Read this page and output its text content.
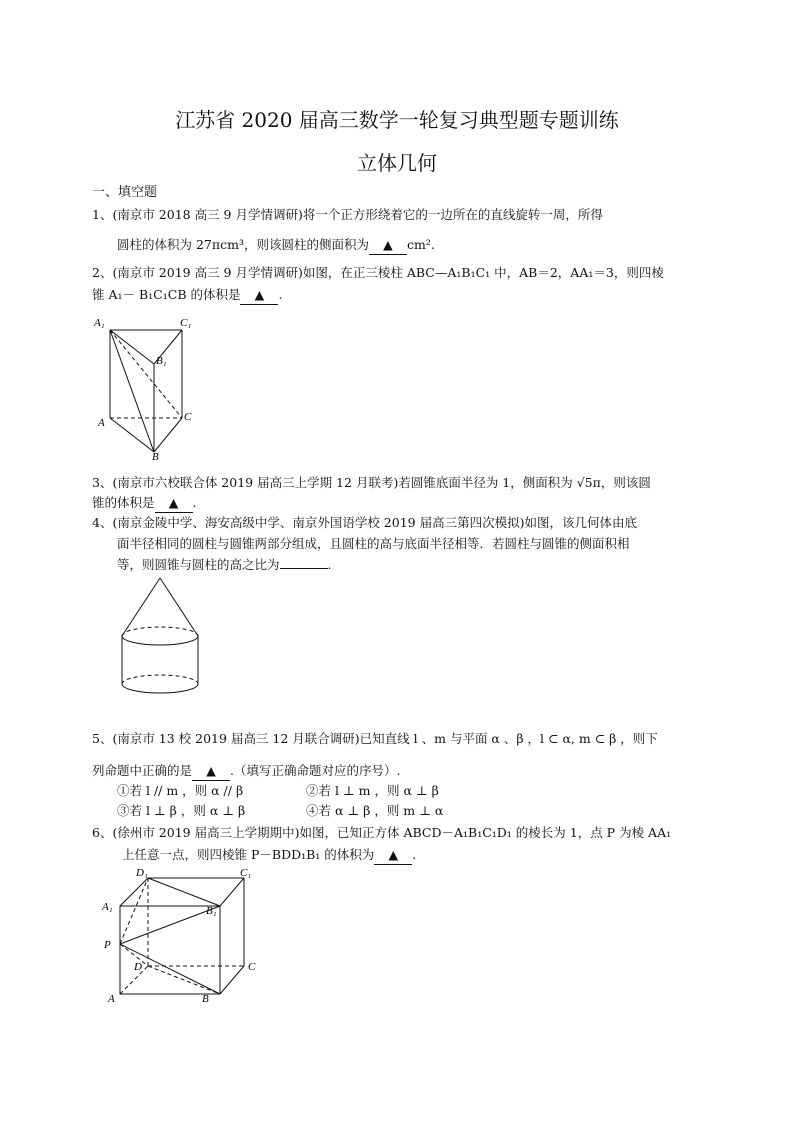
江苏省 2020 届高三数学一轮复习典型题专题训练
立体几何
一、填空题
1、(南京市 2018 高三 9 月学情调研)将一个正方形绕着它的一边所在的直线旋转一周，所得
圆柱的体积为 27πcm³，则该圆柱的侧面积为 ▲ cm².
2、(南京市 2019 高三 9 月学情调研)如图，在正三棱柱 ABC—A₁B₁C₁ 中，AB＝2，AA₁＝3，则四棱
锥 A₁－ B₁C₁CB 的体积是 ▲ .
A₁	C₁
B₁
C
A
B
3、(南京市六校联合体 2019 届高三上学期 12 月联考)若圆锥底面半径为 1，侧面积为 √5π，则该圆
锥的体积是 ▲ .
4、(南京金陵中学、海安高级中学、南京外国语学校 2019 届高三第四次模拟)如图，该几何体由底
面半径相同的圆柱与圆锥两部分组成，且圆柱的高与底面半径相等．若圆柱与圆锥的侧面积相
等，则圆锥与圆柱的高之比为	.
5、(南京市 13 校 2019 届高三 12 月联合调研)已知直线 l 、m 与平面 α 、β ，l ⊂ α, m ⊂ β ，则下
列命题中正确的是 ▲ .（填写正确命题对应的序号）.
①若 l // m ，则 α // β	②若 l ⊥ m ，则 α ⊥ β
③若 l ⊥ β ，则 α ⊥ β	④若 α ⊥ β ，则 m ⊥ α
6、(徐州市 2019 届高三上学期期中)如图，已知正方体 ABCD－A₁B₁C₁D₁ 的棱长为 1，点 P 为棱 AA₁
上任意一点，则四棱锥 P－BDD₁B₁ 的体积为 ▲ .
D₁	C₁
A₁	B₁
P
D	C
A	B
